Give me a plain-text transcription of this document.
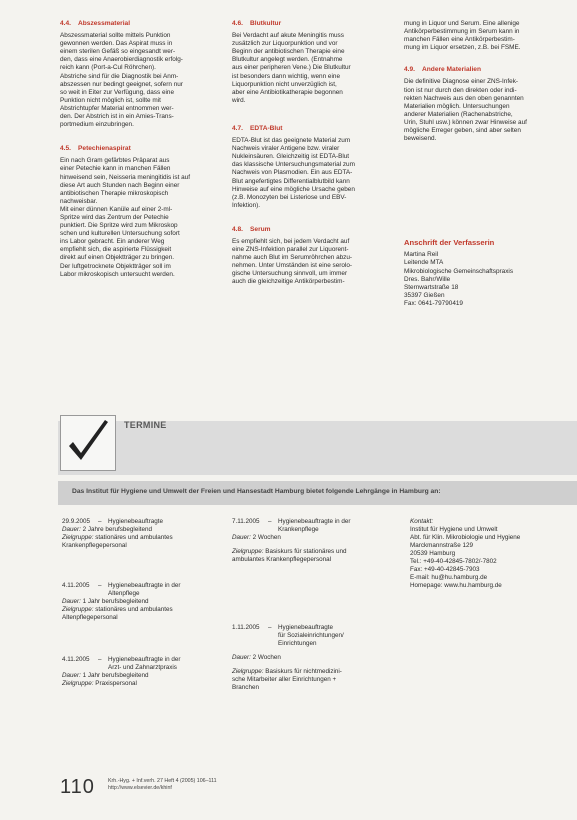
4.4. Abszessmaterial

Abszessmaterial sollte mittels Punktion

gewonnen werden. Das Aspirat muss in

einem sterilen Gefäß so eingesandt wer-

den, dass eine Anaerobierdiagnostik erfolg-

reich kann (Port-a-Cul Röhrchen).

Abstriche sind für die Diagnostik bei Anm-

abszessen nur bedingt geeignet, sofern nur

so weit in Eiter zur Verfügung, dass eine

Punktion nicht möglich ist, sollte mit

Abstrichtupfer Material entnommen wer-

den. Der Abstrich ist in ein Amies-Trans-

portmedium einzubringen.

4.5. Petechienaspirat

Ein nach Gram gefärbtes Präparat aus

einer Petechie kann in manchen Fällen

hinweisend sein, Neisseria meningitidis ist auf

diese Art auch Stunden nach Beginn einer

antibiotischen Therapie mikroskopisch

nachweisbar.

Mit einer dünnen Kanüle auf einer 2-ml-

Spritze wird das Zentrum der Petechie

punktiert. Die Spritze wird zum Mikroskop

schen und kulturellen Untersuchung sofort

ins Labor gebracht. Ein anderer Weg

empfiehlt sich, die aspirierte Flüssigkeit

direkt auf einen Objektträger zu bringen.

Der luftgetrocknete Objektträger soll im

Labor mikroskopisch untersucht werden.

4.6. Blutkultur

Bei Verdacht auf akute Meningitis muss

zusätzlich zur Liquorpunktion und vor

Beginn der antibiotischen Therapie eine

Blutkultur angelegt werden. (Entnahme

aus einer peripheren Vene.) Die Blutkultur

ist besonders dann wichtig, wenn eine

Liquorpunktion nicht unverzüglich ist,

aber eine Antibiotikatherapie begonnen

wird.

4.7. EDTA-Blut

EDTA-Blut ist das geeignete Material zum

Nachweis viraler Antigene bzw. viraler

Nukleinsäuren. Gleichzeitig ist EDTA-Blut

das klassische Untersuchungsmaterial zum

Nachweis von Plasmodien. Ein aus EDTA-

Blut angefertigtes Differentialblutbild kann

Hinweise auf eine mögliche Ursache geben

(z.B. Monozyten bei Listeriose und EBV-

Infektion).

4.8. Serum

Es empfiehlt sich, bei jedem Verdacht auf

eine ZNS-Infektion parallel zur Liquorent-

nahme auch Blut im Serumröhrchen abzu-

nehmen. Unter Umständen ist eine serolo-

gische Untersuchung sinnvoll, um immer

auch die gleichzeitige Antikörperbestim-

mung in Liquor und Serum. Eine allenige

Antikörperbestimmung im Serum kann in

manchen Fällen eine Antikörperbestim-

mung im Liquor ersetzen, z.B. bei FSME.

4.9. Andere Materialien

Die definitive Diagnose einer ZNS-Infek-

tion ist nur durch den direkten oder indi-

rekten Nachweis aus den oben genannten

Materialien möglich. Untersuchungen

anderer Materialien (Rachenabstriche,

Urin, Stuhl usw.) können zwar Hinweise auf

mögliche Erreger geben, sind aber selten

beweisend.

Anschrift der Verfasserin

Martina Reil

Leitende MTA

Mikrobiologische Gemeinschaftspraxis

Dres. Bahr/Wille

Sternwartstraße 18

35397 Gießen

Fax: 0641-79790419

TERMINE
Das Institut für Hygiene und Umwelt der Freien und Hansestadt Hamburg bietet folgende Lehrgänge in Hamburg an:
29.9.2005	–	Hygienebeauftragte
Dauer: 2 Jahre berufsbegleitend
Zielgruppe: stationäres und ambulantes
Krankenpflegepersonal
4.11.2005	–	Hygienebeauftragte in der
Altenpflege
Dauer: 1 Jahr berufsbegleitend
Zielgruppe: stationäres und ambulantes
Altenpflegepersonal
4.11.2005	–	Hygienebeauftragte in der
Arzt- und Zahnarztpraxis
Dauer: 1 Jahr berufsbegleitend
Zielgruppe: Praxispersonal
7.11.2005	–	Hygienebeauftragte in der
Krankenpflege
Dauer: 2 Wochen
Zielgruppe: Basiskurs für stationäres und
ambulantes Krankenpflegepersonal
1.11.2005	–	Hygienebeauftragte
für Sozialeinrichtungen/
Einrichtungen
Dauer: 2 Wochen
Zielgruppe: Basiskurs für nichtmedizini-
sche Mitarbeiter aller Einrichtungen +
Branchen
Kontakt:
Institut für Hygiene und Umwelt
Abt. für Klin. Mikrobiologie und Hygiene
Marckmannstraße 129
20539 Hamburg
Tel.: +49-40-42845-7802/-7802
Fax: +49-40-42845-7903
E-mail: hu@hu.hamburg.de
Homepage: www.hu.hamburg.de
110 Krh.-Hyg. + Inf.verh. 27 Heft 4 (2005) 106–111
http://www.elsevier.de/khinf
